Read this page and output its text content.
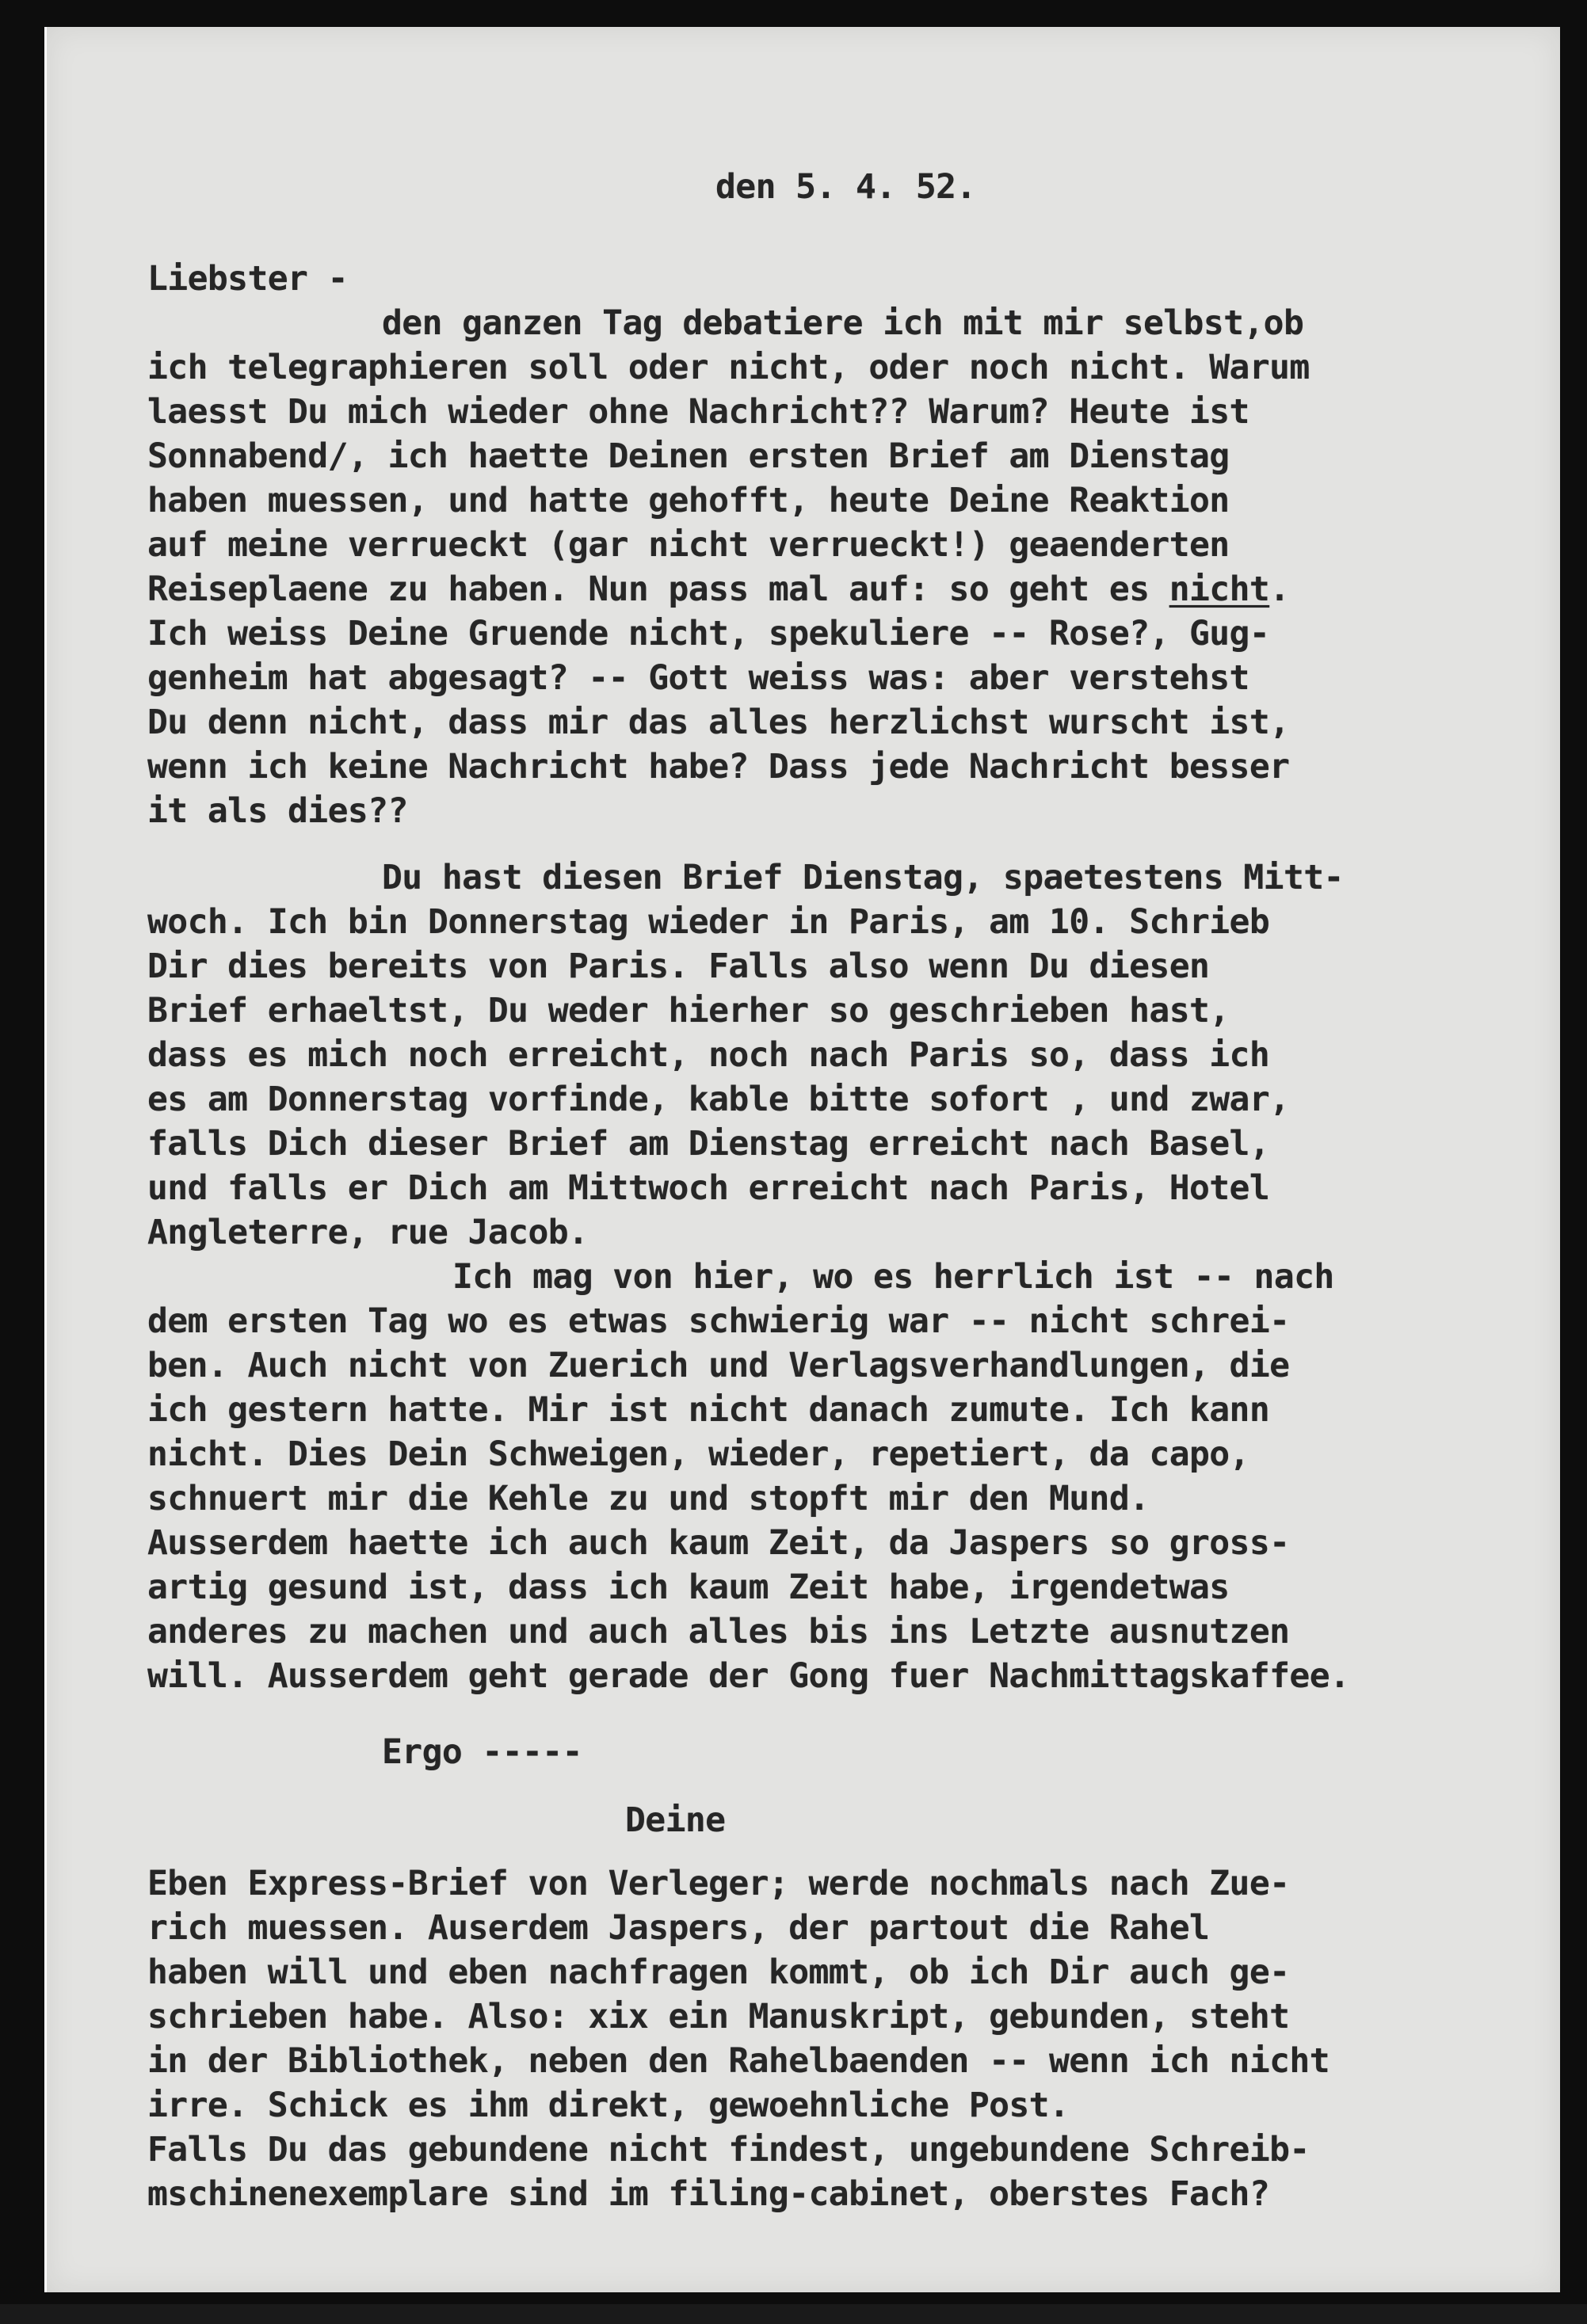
den 5. 4. 52.

Liebster -

den ganzen Tag debatiere ich mit mir selbst,ob

ich telegraphieren soll oder nicht, oder noch nicht. Warum

laesst Du mich wieder ohne Nachricht?? Warum? Heute ist

Sonnabend/, ich haette Deinen ersten Brief am Dienstag

haben muessen, und hatte gehofft, heute Deine Reaktion

auf meine verrueckt (gar nicht verrueckt!) geaenderten

Reiseplaene zu haben. Nun pass mal auf: so geht es nicht.

Ich weiss Deine Gruende nicht, spekuliere -- Rose?, Gug-

genheim hat abgesagt? -- Gott weiss was: aber verstehst

Du denn nicht, dass mir das alles herzlichst wurscht ist,

wenn ich keine Nachricht habe? Dass jede Nachricht besser

it als dies??

Du hast diesen Brief Dienstag, spaetestens Mitt-

woch. Ich bin Donnerstag wieder in Paris, am 10. Schrieb

Dir dies bereits von Paris. Falls also wenn Du diesen

Brief erhaeltst, Du weder hierher so geschrieben hast,

dass es mich noch erreicht, noch nach Paris so, dass ich

es am Donnerstag vorfinde, kable bitte sofort , und zwar,

falls Dich dieser Brief am Dienstag erreicht nach Basel,

und falls er Dich am Mittwoch erreicht nach Paris, Hotel

Angleterre, rue Jacob.

Ich mag von hier, wo es herrlich ist -- nach

dem ersten Tag wo es etwas schwierig war -- nicht schrei-

ben. Auch nicht von Zuerich und Verlagsverhandlungen, die

ich gestern hatte. Mir ist nicht danach zumute. Ich kann

nicht. Dies Dein Schweigen, wieder, repetiert, da capo,

schnuert mir die Kehle zu und stopft mir den Mund.

Ausserdem haette ich auch kaum Zeit, da Jaspers so gross-

artig gesund ist, dass ich kaum Zeit habe, irgendetwas

anderes zu machen und auch alles bis ins Letzte ausnutzen

will. Ausserdem geht gerade der Gong fuer Nachmittagskaffee.

Ergo -----

Deine

Eben Express-Brief von Verleger; werde nochmals nach Zue-

rich muessen. Auserdem Jaspers, der partout die Rahel

haben will und eben nachfragen kommt, ob ich Dir auch ge-

schrieben habe. Also: xix ein Manuskript, gebunden, steht

in der Bibliothek, neben den Rahelbaenden -- wenn ich nicht

irre. Schick es ihm direkt, gewoehnliche Post.

Falls Du das gebundene nicht findest, ungebundene Schreib-

mschinenexemplare sind im filing-cabinet, oberstes Fach?
